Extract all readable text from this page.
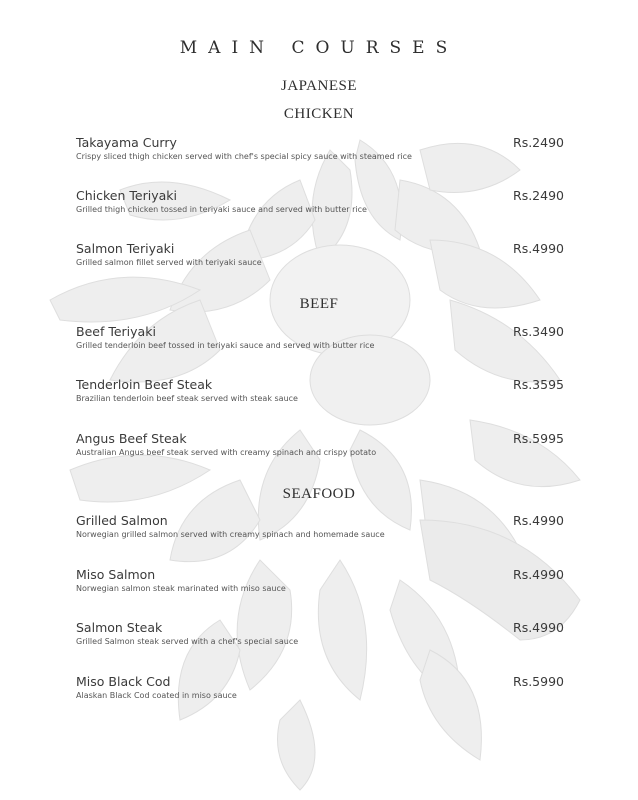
MAIN COURSES
JAPANESE
CHICKEN
Takayama Curry	Rs.2490
Crispy sliced thigh chicken served with chef's special spicy sauce with steamed rice
Chicken Teriyaki	Rs.2490
Grilled thigh chicken tossed in teriyaki sauce and served with butter rice
Salmon Teriyaki	Rs.4990
Grilled salmon fillet served with teriyaki sauce
BEEF
Beef Teriyaki	Rs.3490
Grilled tenderloin beef tossed in teriyaki sauce and served with butter rice
Tenderloin Beef Steak	Rs.3595
Brazilian tenderloin beef steak served with steak sauce
Angus Beef Steak	Rs.5995
Australian Angus beef steak served with creamy spinach and crispy potato
SEAFOOD
Grilled Salmon	Rs.4990
Norwegian grilled salmon served with creamy spinach and homemade sauce
Miso Salmon	Rs.4990
Norwegian salmon steak marinated with miso sauce
Salmon Steak	Rs.4990
Grilled Salmon steak served with a chef's special sauce
Miso Black Cod	Rs.5990
Alaskan Black Cod coated in miso sauce
